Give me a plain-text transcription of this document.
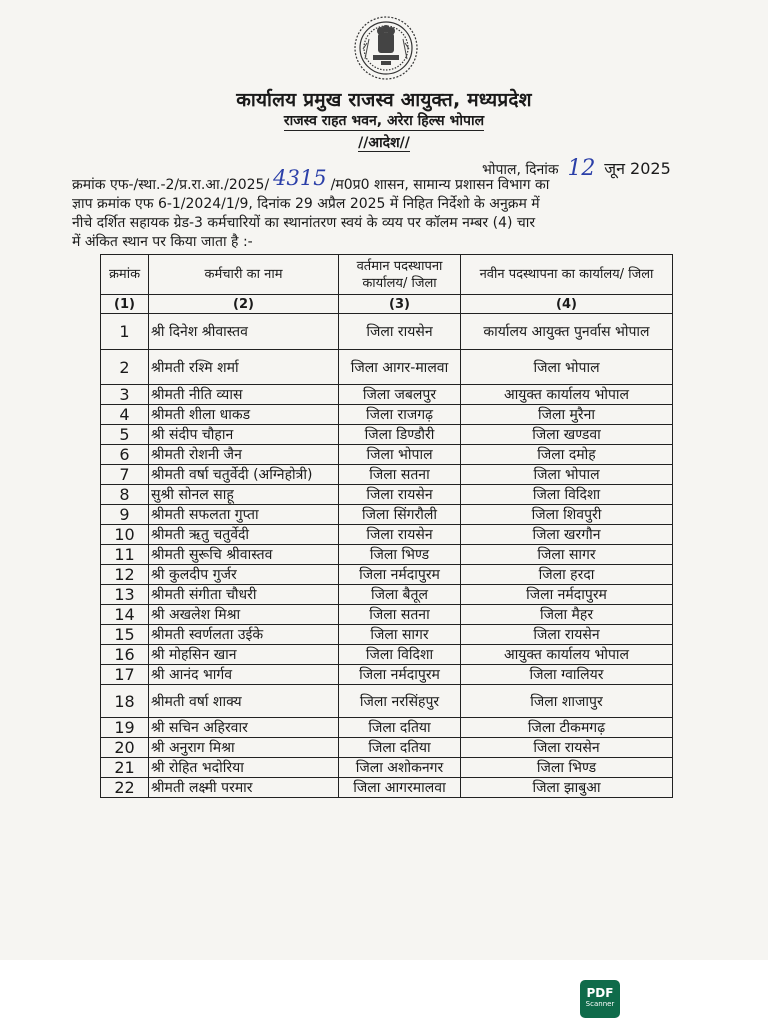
कार्यालय प्रमुख राजस्व आयुक्त, मध्यप्रदेश
राजस्व राहत भवन, अरेरा हिल्स भोपाल
//आदेश//
भोपाल, दिनांक 12 जून 2025
क्रमांक एफ-/स्था.-2/प्र.रा.आ./2025/ 4315 /म0प्र0 शासन, सामान्य प्रशासन विभाग का
ज्ञाप क्रमांक एफ 6-1/2024/1/9, दिनांक 29 अप्रैल 2025 में निहित निर्देशो के अनुक्रम में
नीचे दर्शित सहायक ग्रेड-3 कर्मचारियों का स्थानांतरण स्वयं के व्यय पर कॉलम नम्बर (4) चार
में अंकित स्थान पर किया जाता है :-
क्रमांक	कर्मचारी का नाम	वर्तमान पदस्थापना कार्यालय/ जिला	नवीन पदस्थापना का कार्यालय/ जिला
(1)	(2)	(3)	(4)
1	श्री दिनेश श्रीवास्तव	जिला रायसेन	कार्यालय आयुक्त पुनर्वास भोपाल
2	श्रीमती रश्मि शर्मा	जिला आगर-मालवा	जिला भोपाल
3	श्रीमती नीति व्यास	जिला जबलपुर	आयुक्त कार्यालय भोपाल
4	श्रीमती शीला धाकड	जिला राजगढ़	जिला मुरैना
5	श्री संदीप चौहान	जिला डिण्डौरी	जिला खण्डवा
6	श्रीमती रोशनी जैन	जिला भोपाल	जिला दमोह
7	श्रीमती वर्षा चतुर्वेदी (अग्निहोत्री)	जिला सतना	जिला भोपाल
8	सुश्री सोनल साहू	जिला रायसेन	जिला विदिशा
9	श्रीमती सफलता गुप्ता	जिला सिंगरौली	जिला शिवपुरी
10	श्रीमती ऋतु चतुर्वेदी	जिला रायसेन	जिला खरगौन
11	श्रीमती सुरूचि श्रीवास्तव	जिला भिण्ड	जिला सागर
12	श्री कुलदीप गुर्जर	जिला नर्मदापुरम	जिला हरदा
13	श्रीमती संगीता चौधरी	जिला बैतूल	जिला नर्मदापुरम
14	श्री अखलेश मिश्रा	जिला सतना	जिला मैहर
15	श्रीमती स्वर्णलता उईके	जिला सागर	जिला रायसेन
16	श्री मोहसिन खान	जिला विदिशा	आयुक्त कार्यालय भोपाल
17	श्री आनंद भार्गव	जिला नर्मदापुरम	जिला ग्वालियर
18	श्रीमती वर्षा शाक्य	जिला नरसिंहपुर	जिला शाजापुर
19	श्री सचिन अहिरवार	जिला दतिया	जिला टीकमगढ़
20	श्री अनुराग मिश्रा	जिला दतिया	जिला रायसेन
21	श्री रोहित भदोरिया	जिला अशोकनगर	जिला भिण्ड
22	श्रीमती लक्ष्मी परमार	जिला आगरमालवा	जिला झाबुआ
PDF
Scanner
